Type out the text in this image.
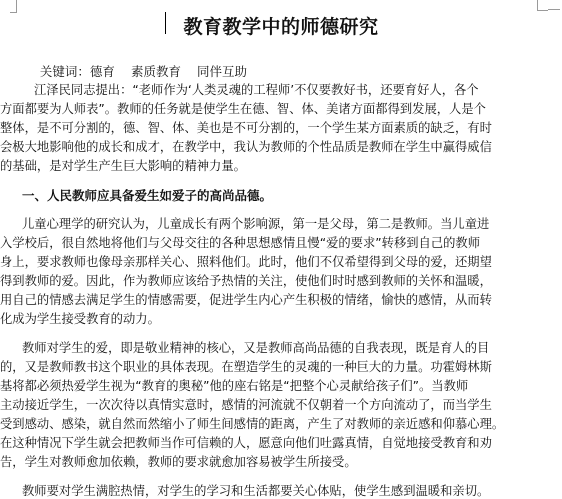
教育教学中的师德研究

关键词：德育 素质教育 同伴互助

江泽民同志提出：“老师作为‘人类灵魂的工程师’不仅要教好书，还要育好人，各个
方面都要为人师表”。教师的任务就是使学生在德、智、体、美诸方面都得到发展，人是个
整体，是不可分割的，德、智、体、美也是不可分割的，一个学生某方面素质的缺乏，有时
会极大地影响他的成长和成才，在教学中，我认为教师的个性品质是教师在学生中赢得威信
的基础，是对学生产生巨大影响的精神力量。
一、人民教师应具备爱生如爱子的高尚品德。
儿童心理学的研究认为，儿童成长有两个影响源，第一是父母，第二是教师。当儿童进
入学校后，很自然地将他们与父母交往的各种思想感情且慢“爱的要求”转移到自己的教师
身上，要求教师也像母亲那样关心、照料他们。此时，他们不仅希望得到父母的爱，还期望
得到教师的爱。因此，作为教师应该给予热情的关注，使他们时时感到教师的关怀和温暖，
用自己的情感去满足学生的情感需要，促进学生内心产生积极的情绪，愉快的感情，从而转
化成为学生接受教育的动力。
教师对学生的爱，即是敬业精神的核心，又是教师高尚品德的自我表现，既是育人的目
的，又是教师教书这个职业的具体表现。在塑造学生的灵魂的一种巨大的力量。功霍姆林斯
基将都必须热爱学生视为“教育的奥秘”他的座右铭是“把整个心灵献给孩子们”。当教师
主动接近学生，一次次待以真情实意时，感情的河流就不仅朝着一个方向流动了，而当学生
受到感动、感染，就自然而然缩小了师生间感情的距离，产生了对教师的亲近感和仰慕心理。
在这种情况下学生就会把教师当作可信赖的人，愿意向他们吐露真情，自觉地接受教育和劝
告，学生对教师愈加依赖，教师的要求就愈加容易被学生所接受。
教师要对学生满腔热情，对学生的学习和生活都要关心体贴，使学生感到温暖和亲切。
